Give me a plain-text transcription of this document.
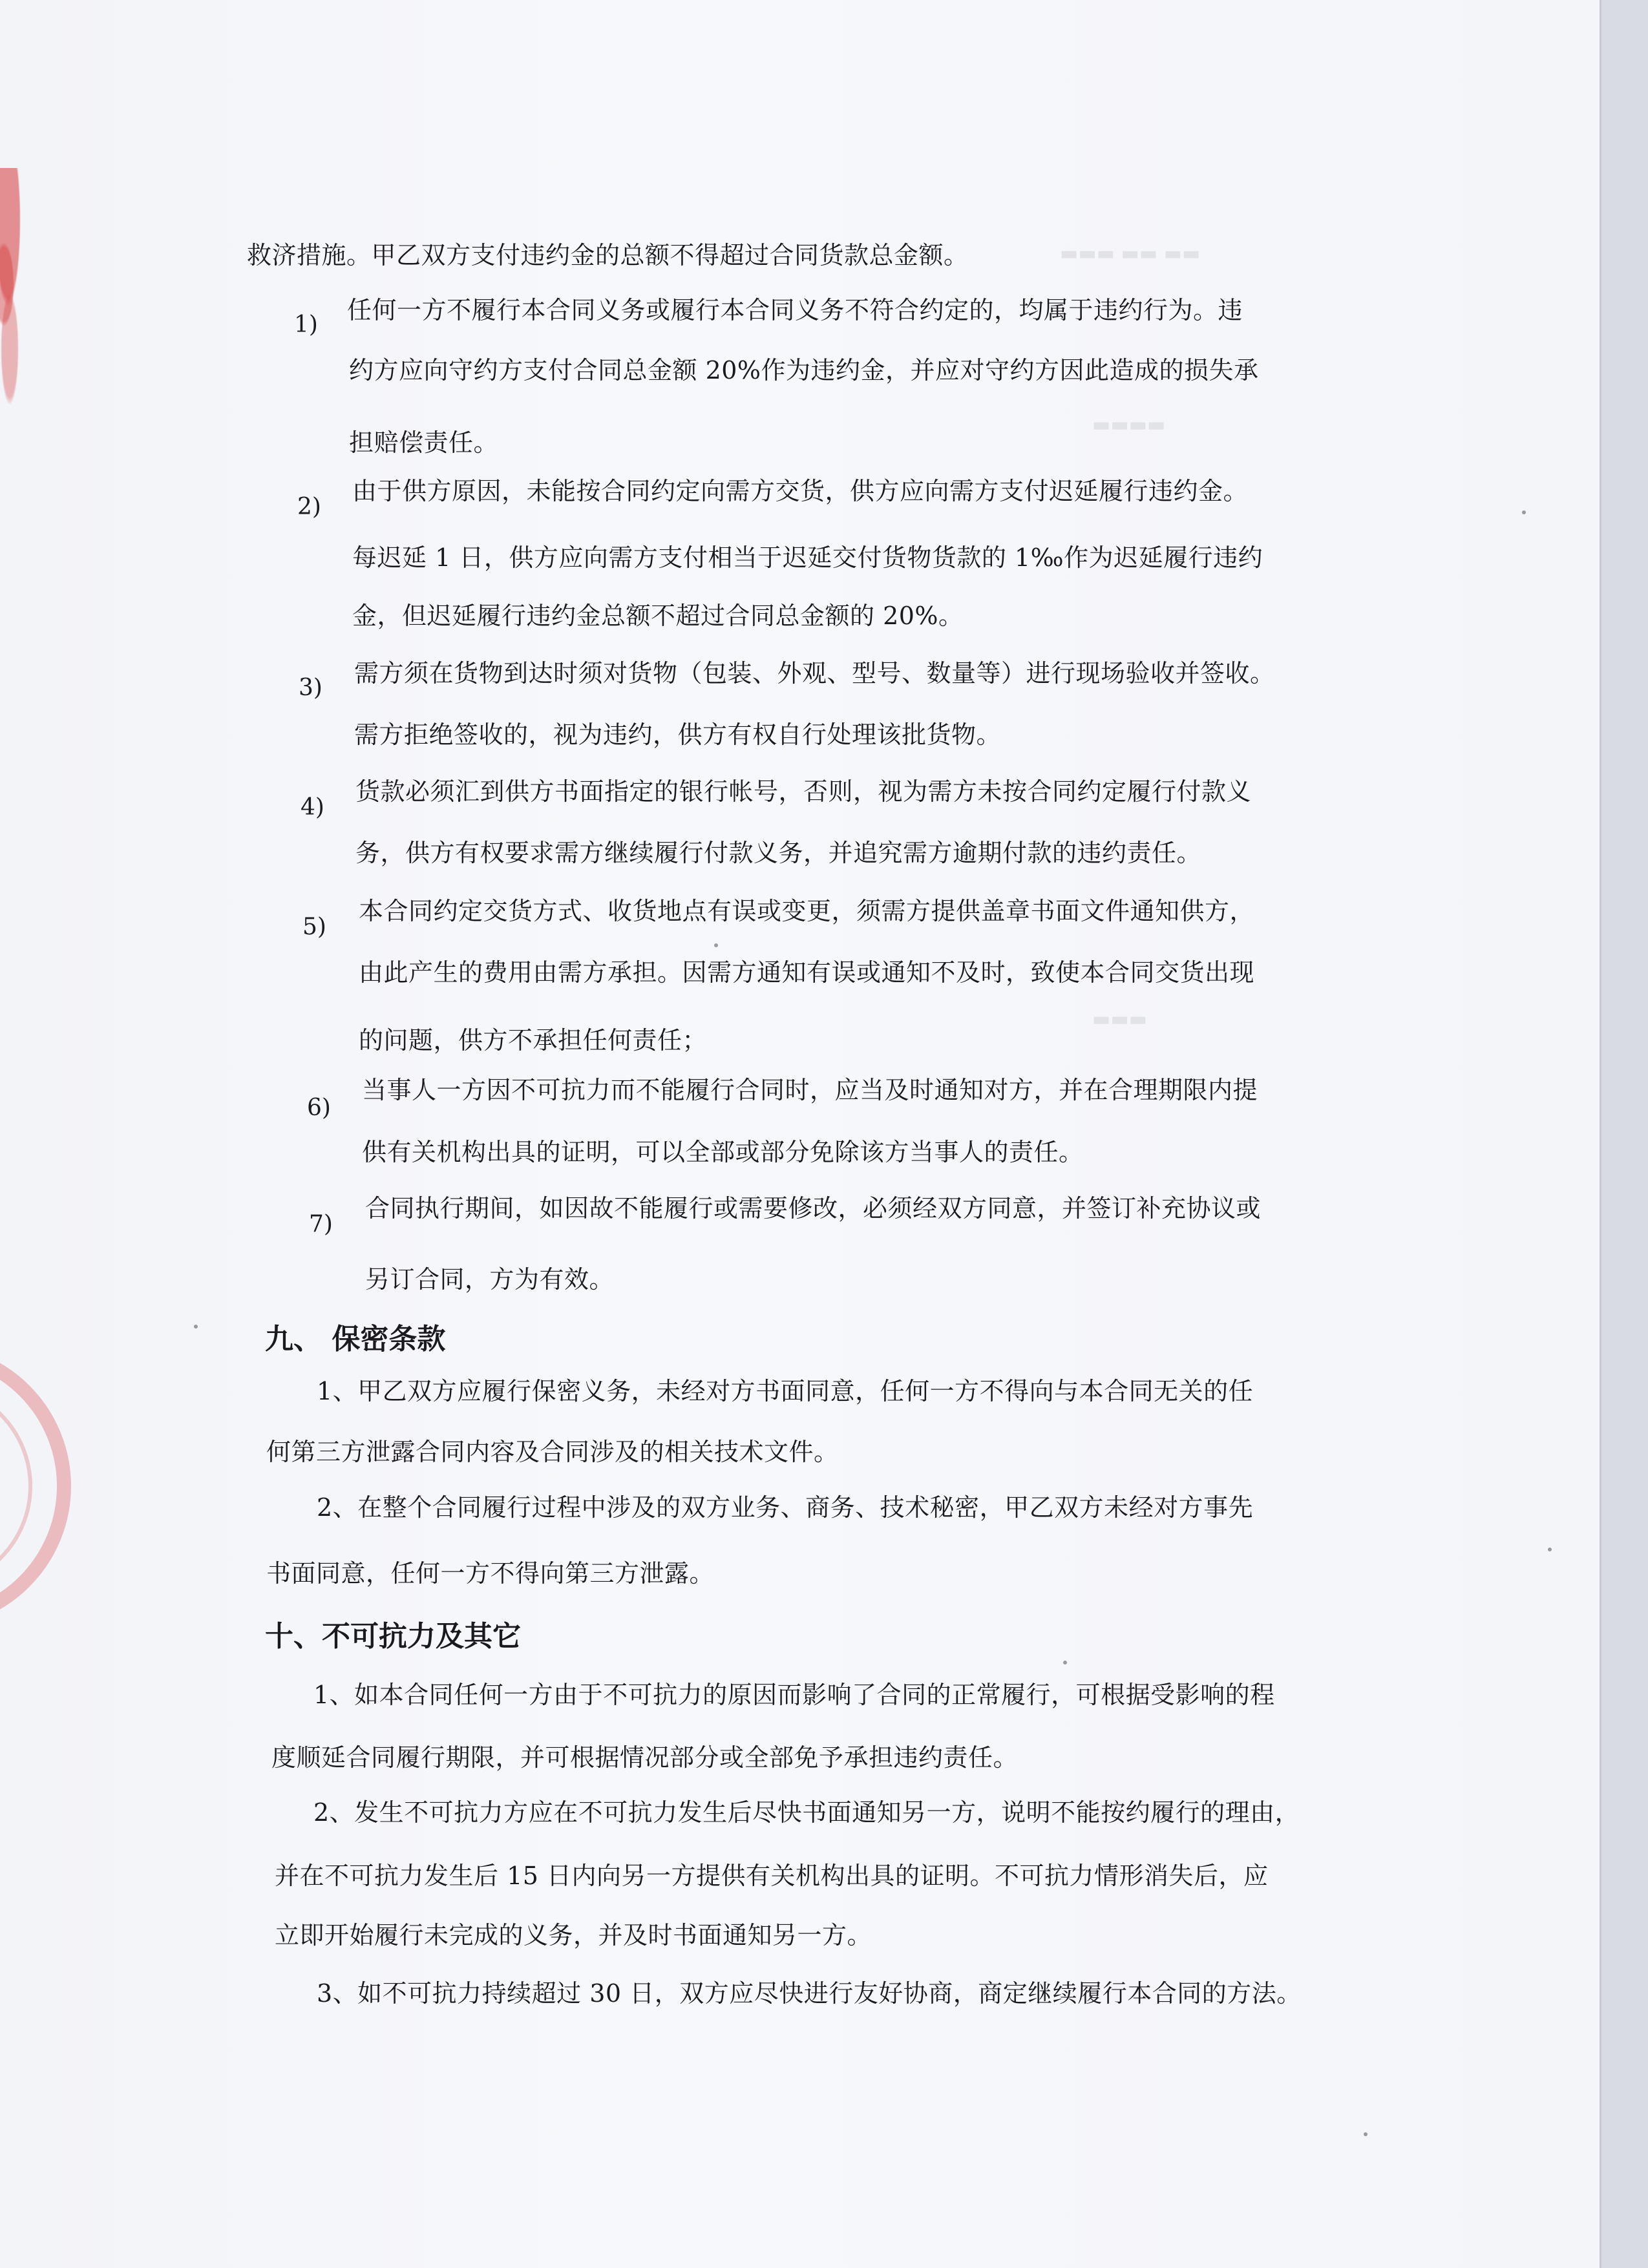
▬▬▬ ▬▬ ▬▬
▬▬▬▬
▬▬▬
救济措施。甲乙双方支付违约金的总额不得超过合同货款总金额。
1)
任何一方不履行本合同义务或履行本合同义务不符合约定的，均属于违约行为。违
约方应向守约方支付合同总金额 20%作为违约金，并应对守约方因此造成的损失承
担赔偿责任。
2)
由于供方原因，未能按合同约定向需方交货，供方应向需方支付迟延履行违约金。
每迟延 1 日，供方应向需方支付相当于迟延交付货物货款的 1‰作为迟延履行违约
金，但迟延履行违约金总额不超过合同总金额的 20%。
3)
需方须在货物到达时须对货物（包装、外观、型号、数量等）进行现场验收并签收。
需方拒绝签收的，视为违约，供方有权自行处理该批货物。
4)
货款必须汇到供方书面指定的银行帐号，否则，视为需方未按合同约定履行付款义
务，供方有权要求需方继续履行付款义务，并追究需方逾期付款的违约责任。
5)
本合同约定交货方式、收货地点有误或变更，须需方提供盖章书面文件通知供方，
由此产生的费用由需方承担。因需方通知有误或通知不及时，致使本合同交货出现
的问题，供方不承担任何责任；
6)
当事人一方因不可抗力而不能履行合同时，应当及时通知对方，并在合理期限内提
供有关机构出具的证明，可以全部或部分免除该方当事人的责任。
7)
合同执行期间，如因故不能履行或需要修改，必须经双方同意，并签订补充协议或
另订合同，方为有效。
九、 保密条款
1、甲乙双方应履行保密义务，未经对方书面同意，任何一方不得向与本合同无关的任
何第三方泄露合同内容及合同涉及的相关技术文件。
2、在整个合同履行过程中涉及的双方业务、商务、技术秘密，甲乙双方未经对方事先
书面同意，任何一方不得向第三方泄露。
十、不可抗力及其它
1、如本合同任何一方由于不可抗力的原因而影响了合同的正常履行，可根据受影响的程
度顺延合同履行期限，并可根据情况部分或全部免予承担违约责任。
2、发生不可抗力方应在不可抗力发生后尽快书面通知另一方，说明不能按约履行的理由，
并在不可抗力发生后 15 日内向另一方提供有关机构出具的证明。不可抗力情形消失后，应
立即开始履行未完成的义务，并及时书面通知另一方。
3、如不可抗力持续超过 30 日，双方应尽快进行友好协商，商定继续履行本合同的方法。
